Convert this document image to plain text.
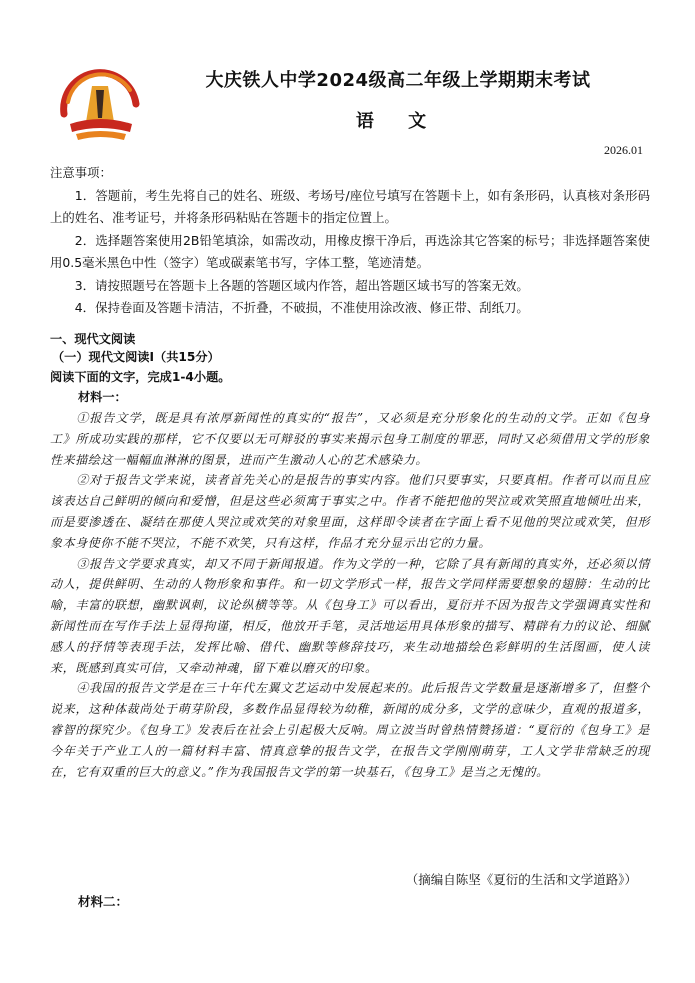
大庆铁人中学2024级高二年级上学期期末考试
语 文
2026.01

注意事项：

1．答题前，考生先将自己的姓名、班级、考场号/座位号填写在答题卡上，如有条形码，认真核对条形码上的姓名、准考证号，并将条形码粘贴在答题卡的指定位置上。

2．选择题答案使用2B铅笔填涂，如需改动，用橡皮擦干净后，再选涂其它答案的标号；非选择题答案使用0.5毫米黑色中性（签字）笔或碳素笔书写，字体工整，笔迹清楚。

3．请按照题号在答题卡上各题的答题区域内作答，超出答题区域书写的答案无效。

4．保持卷面及答题卡清洁，不折叠，不破损，不准使用涂改液、修正带、刮纸刀。

一、现代文阅读
（一）现代文阅读Ⅰ（共15分）
阅读下面的文字，完成1-4小题。
材料一：

①报告文学，既是具有浓厚新闻性的真实的“报告”，又必须是充分形象化的生动的文学。正如《包身工》所成功实践的那样，它不仅要以无可辩驳的事实来揭示包身工制度的罪恶，同时又必须借用文学的形象性来描绘这一幅幅血淋淋的图景，进而产生激动人心的艺术感染力。

②对于报告文学来说，读者首先关心的是报告的事实内容。他们只要事实，只要真相。作者可以而且应该表达自己鲜明的倾向和爱憎，但是这些必须寓于事实之中。作者不能把他的哭泣或欢笑照直地倾吐出来，而是要渗透在、凝结在那使人哭泣或欢笑的对象里面，这样即令读者在字面上看不见他的哭泣或欢笑，但形象本身使你不能不哭泣，不能不欢笑，只有这样，作品才充分显示出它的力量。

③报告文学要求真实，却又不同于新闻报道。作为文学的一种，它除了具有新闻的真实外，还必须以情动人，提供鲜明、生动的人物形象和事件。和一切文学形式一样，报告文学同样需要想象的翅膀：生动的比喻，丰富的联想，幽默讽刺，议论纵横等等。从《包身工》可以看出，夏衍并不因为报告文学强调真实性和新闻性而在写作手法上显得拘谨，相反，他放开手笔，灵活地运用具体形象的描写、精辟有力的议论、细腻感人的抒情等表现手法，发挥比喻、借代、幽默等修辞技巧，来生动地描绘色彩鲜明的生活图画，使人读来，既感到真实可信，又牵动神魂，留下难以磨灭的印象。

④我国的报告文学是在三十年代左翼文艺运动中发展起来的。此后报告文学数量是逐渐增多了，但整个说来，这种体裁尚处于萌芽阶段，多数作品显得较为幼稚，新闻的成分多，文学的意味少，直观的报道多，睿智的探究少。《包身工》发表后在社会上引起极大反响。周立波当时曾热情赞扬道：“夏衍的《包身工》是今年关于产业工人的一篇材料丰富、情真意挚的报告文学，在报告文学刚刚萌芽，工人文学非常缺乏的现在，它有双重的巨大的意义。”作为我国报告文学的第一块基石，《包身工》是当之无愧的。

（摘编自陈坚《夏衍的生活和文学道路》）
材料二：
